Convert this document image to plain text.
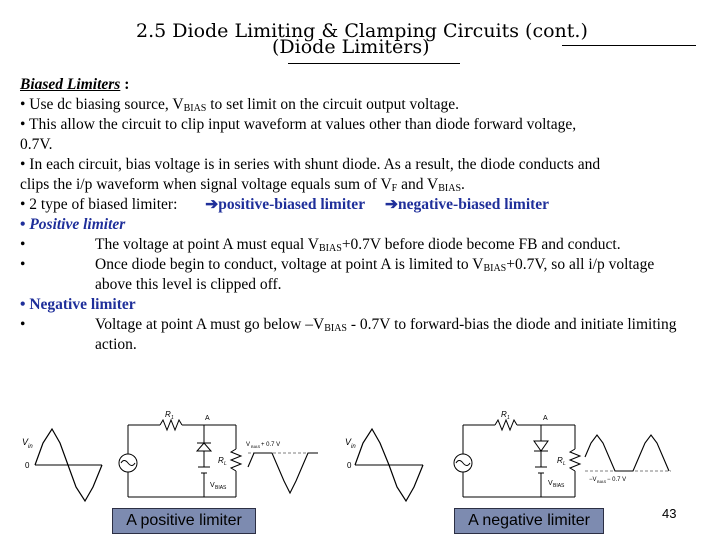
2.5 Diode Limiting & Clamping Circuits (cont.)
(Diode Limiters)
Biased Limiters :
• Use dc biasing source, $V_{BIAS}$ to set limit on the circuit output voltage.
• This allow the circuit to clip input waveform at values other than diode forward voltage,
0.7V.
• In each circuit, bias voltage is in series with shunt diode. As a result, the diode conducts and
clips the i/p waveform when signal voltage equals sum of $V_F$ and $V_{BIAS}$.
• 2 type of biased limiter: ➔positive-biased limiter ➔negative-biased limiter
• Positive limiter
•	The voltage at point A must equal $V_{BIAS}+0.7V$ before diode become FB and conduct.
•	Once diode begin to conduct, voltage at point A is limited to $V_{BIAS}+0.7V$, so all i/p voltage above this level is clipped off.
• Negative limiter
•	Voltage at point A must go below $-V_{BIAS} - 0.7V$ to forward-bias the diode and initiate limiting action.
V in
0
A
R 1
R L
V BIAS
V BIAS + 0.7 V	V in
0
A
R 1
R L
V BIAS
−V BIAS − 0.7 V
A positive limiter	A negative limiter	43
